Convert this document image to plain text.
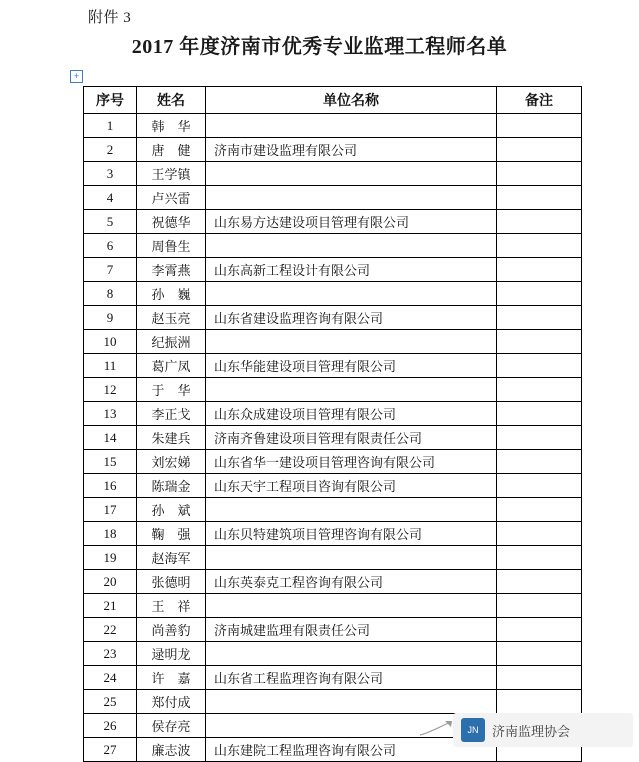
附件 3
2017 年度济南市优秀专业监理工程师名单
+
序号	姓名	单位名称	备注
1	韩　华		
2	唐　健	济南市建设监理有限公司	
3	王学镇		
4	卢兴雷		
5	祝德华	山东易方达建设项目管理有限公司	
6	周鲁生		
7	李霄燕	山东高新工程设计有限公司	
8	孙　巍		
9	赵玉亮	山东省建设监理咨询有限公司	
10	纪振洲		
11	葛广凤	山东华能建设项目管理有限公司	
12	于　华		
13	李正戈	山东众成建设项目管理有限公司	
14	朱建兵	济南齐鲁建设项目管理有限责任公司	
15	刘宏娣	山东省华一建设项目管理咨询有限公司	
16	陈瑞金	山东天宇工程项目咨询有限公司	
17	孙　斌		
18	鞠　强	山东贝特建筑项目管理咨询有限公司	
19	赵海军		
20	张德明	山东英泰克工程咨询有限公司	
21	王　祥		
22	尚善豹	济南城建监理有限责任公司	
23	逯明龙		
24	许　嘉	山东省工程监理咨询有限公司	
25	郑付成		
26	侯存亮		
27	廉志波	山东建院工程监理咨询有限公司	
JN	济南监理协会
